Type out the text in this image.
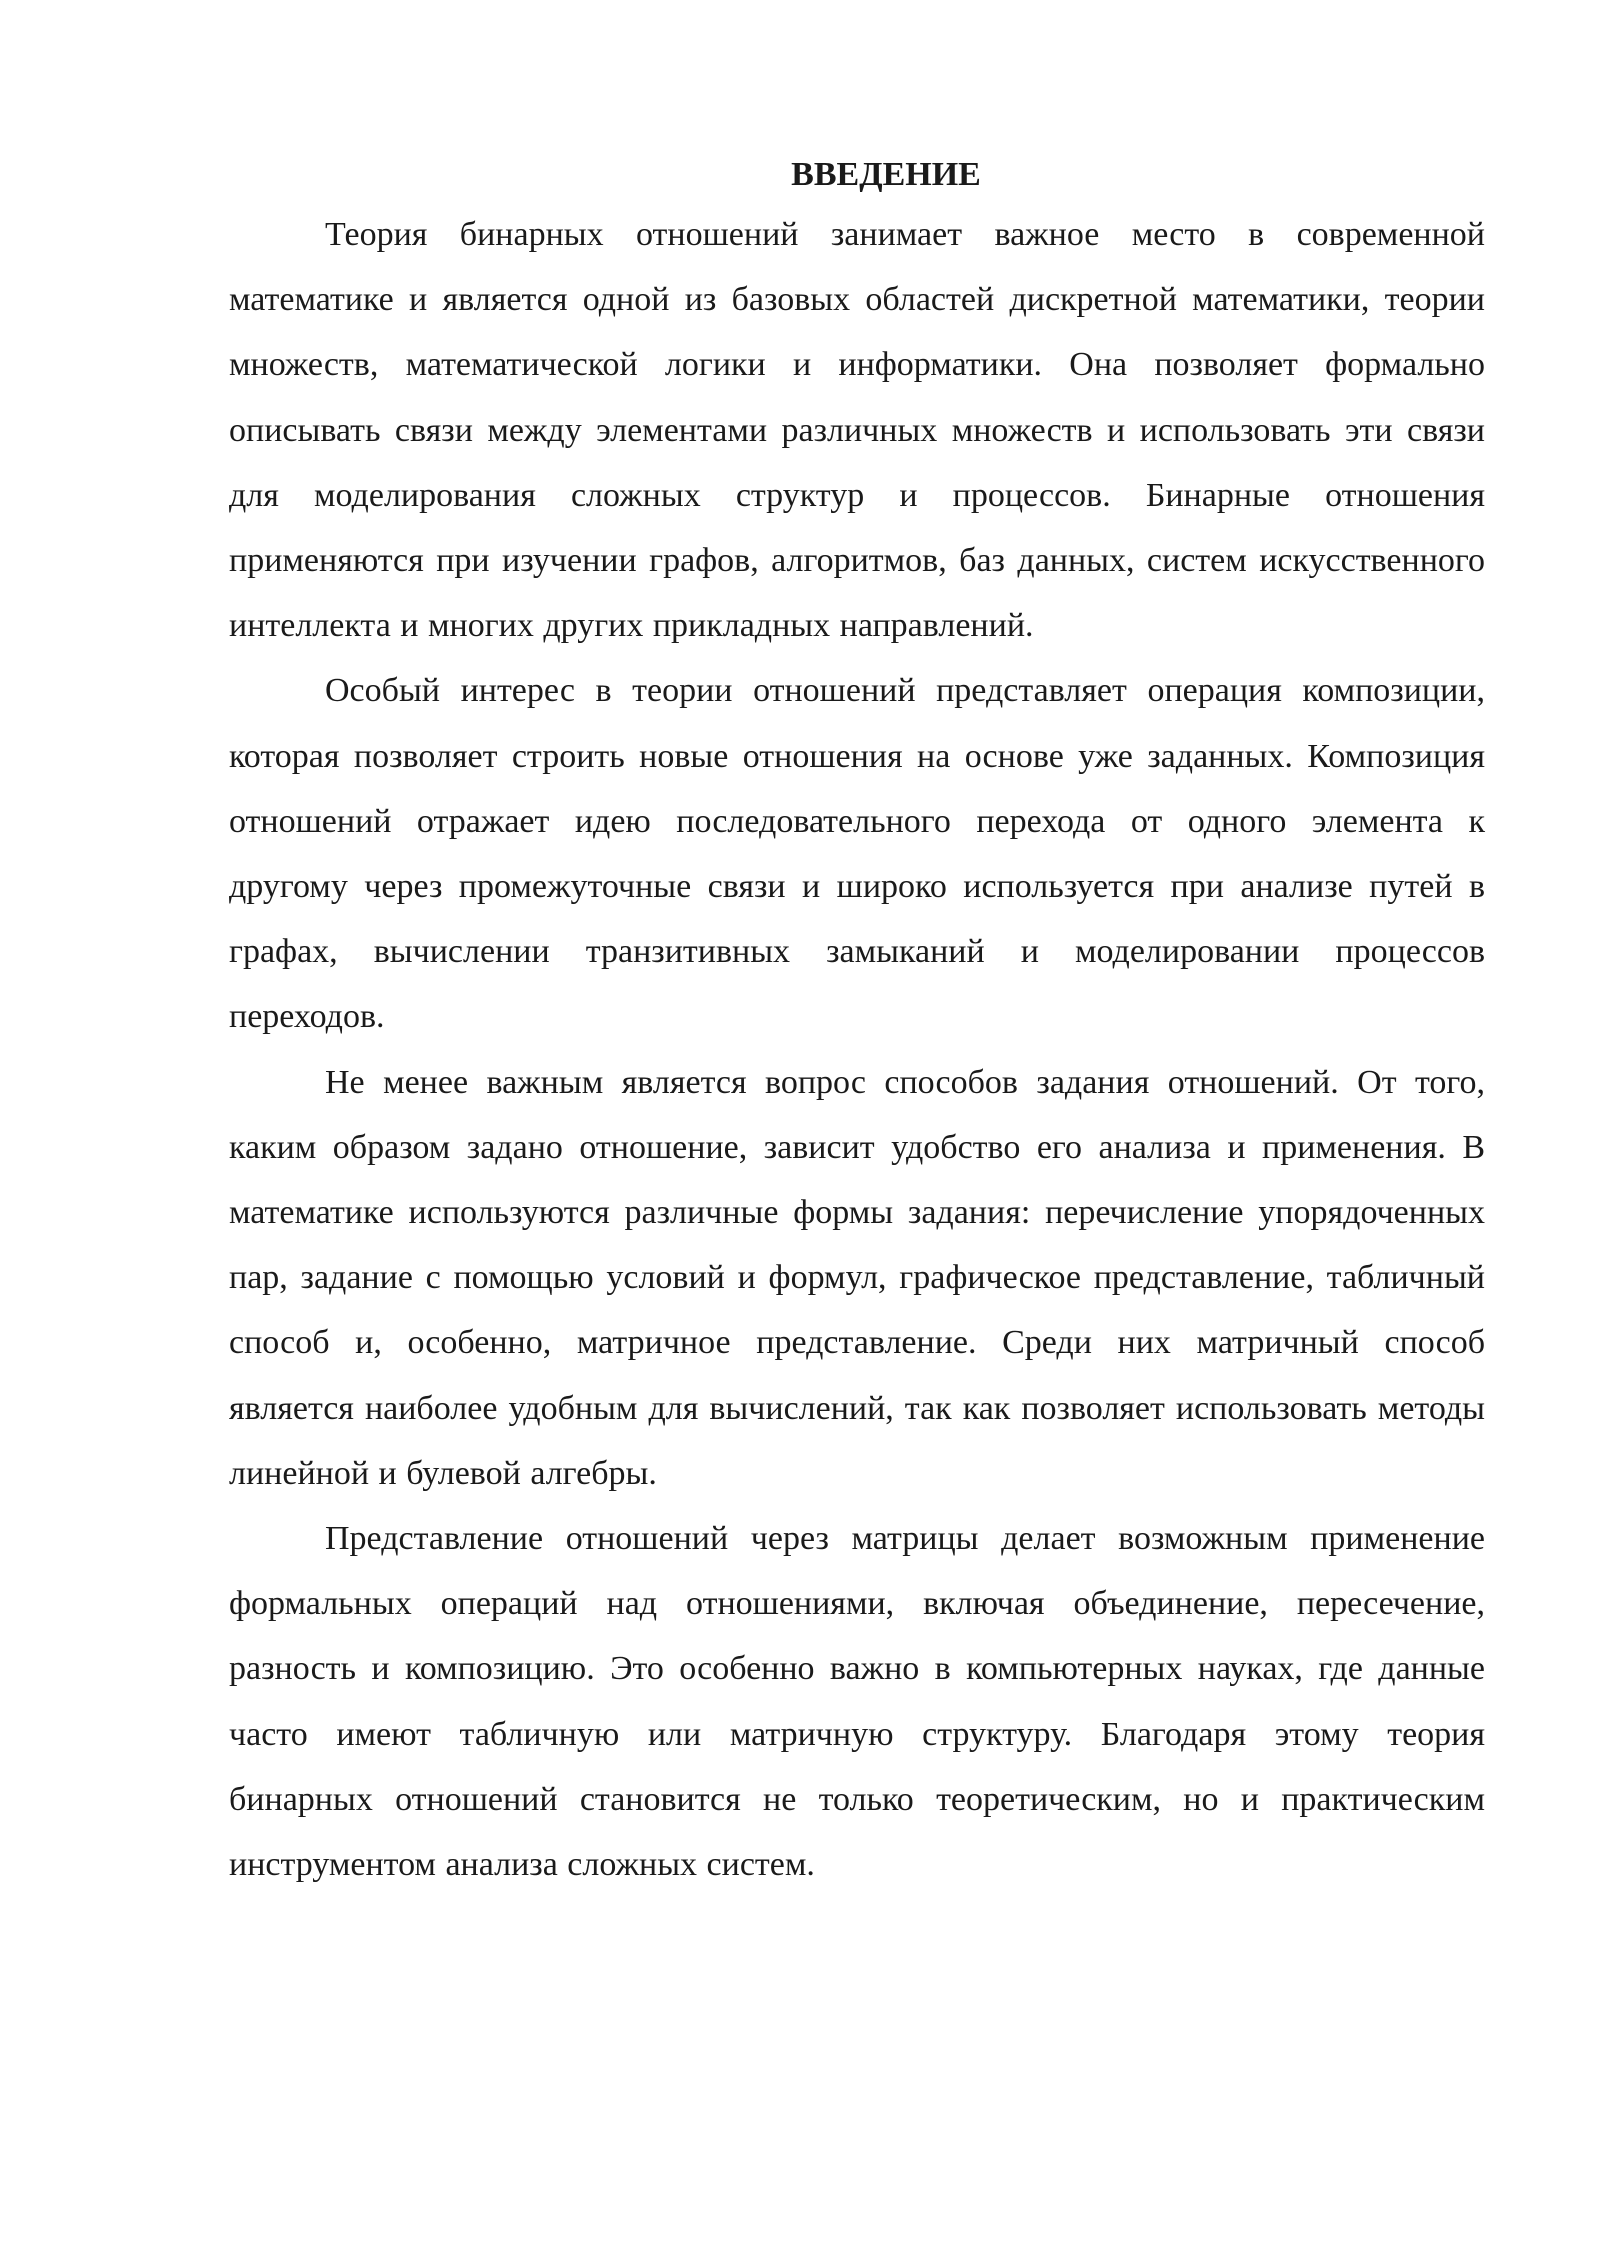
ВВЕДЕНИЕ

Теория бинарных отношений занимает важное место в современной математике и является одной из базовых областей дискретной математики, теории множеств, математической логики и информатики. Она позволяет формально описывать связи между элементами различных множеств и использовать эти связи для моделирования сложных структур и процессов. Бинарные отношения применяются при изучении графов, алгоритмов, баз данных, систем искусственного интеллекта и многих других прикладных направлений.

Особый интерес в теории отношений представляет операция композиции, которая позволяет строить новые отношения на основе уже заданных. Композиция отношений отражает идею последовательного перехода от одного элемента к другому через промежуточные связи и широко используется при анализе путей в графах, вычислении транзитивных замыканий и моделировании процессов переходов.

Не менее важным является вопрос способов задания отношений. От того, каким образом задано отношение, зависит удобство его анализа и применения. В математике используются различные формы задания: перечисление упорядоченных пар, задание с помощью условий и формул, графическое представление, табличный способ и, особенно, матричное представление. Среди них матричный способ является наиболее удобным для вычислений, так как позволяет использовать методы линейной и булевой алгебры.

Представление отношений через матрицы делает возможным применение формальных операций над отношениями, включая объединение, пересечение, разность и композицию. Это особенно важно в компьютерных науках, где данные часто имеют табличную или матричную структуру. Благодаря этому теория бинарных отношений становится не только теоретическим, но и практическим инструментом анализа сложных систем.
